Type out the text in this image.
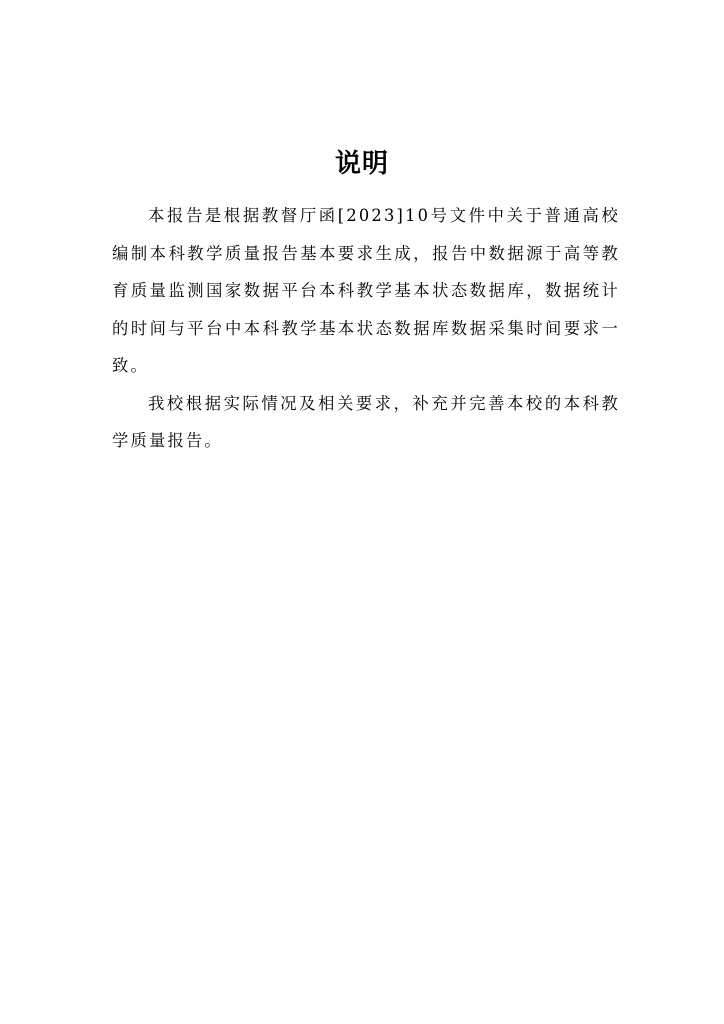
说明

本报告是根据教督厅函[2023]10号文件中关于普通高校编制本科教学质量报告基本要求生成，报告中数据源于高等教育质量监测国家数据平台本科教学基本状态数据库，数据统计的时间与平台中本科教学基本状态数据库数据采集时间要求一致。

我校根据实际情况及相关要求，补充并完善本校的本科教学质量报告。
